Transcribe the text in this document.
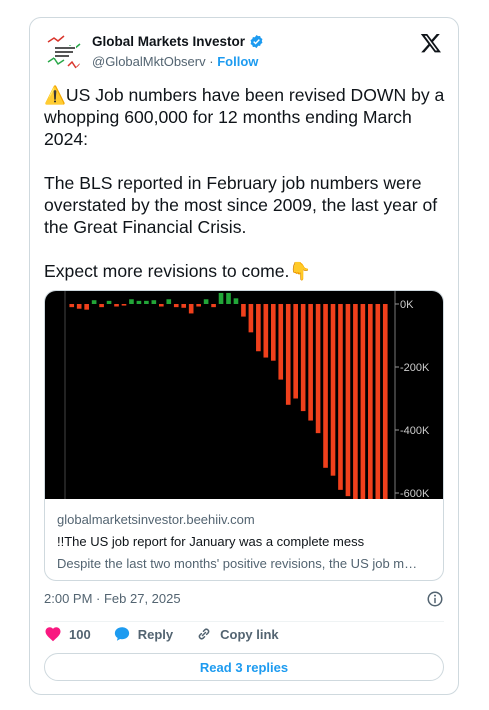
Global Markets Investor
@GlobalMktObserv · Follow
⚠️US Job numbers have been revised DOWN by a whopping 600,000 for 12 months ending March 2024:

The BLS reported in February job numbers were overstated by the most since 2009, the last year of the Great Financial Crisis.

Expect more revisions to come.👇
0K
-200K
-400K
-600K
globalmarketsinvestor.beehiiv.com
!!The US job report for January was a complete mess
Despite the last two months' positive revisions, the US job m…
2:00 PM · Feb 27, 2025
100	Reply	Copy link
Read 3 replies
